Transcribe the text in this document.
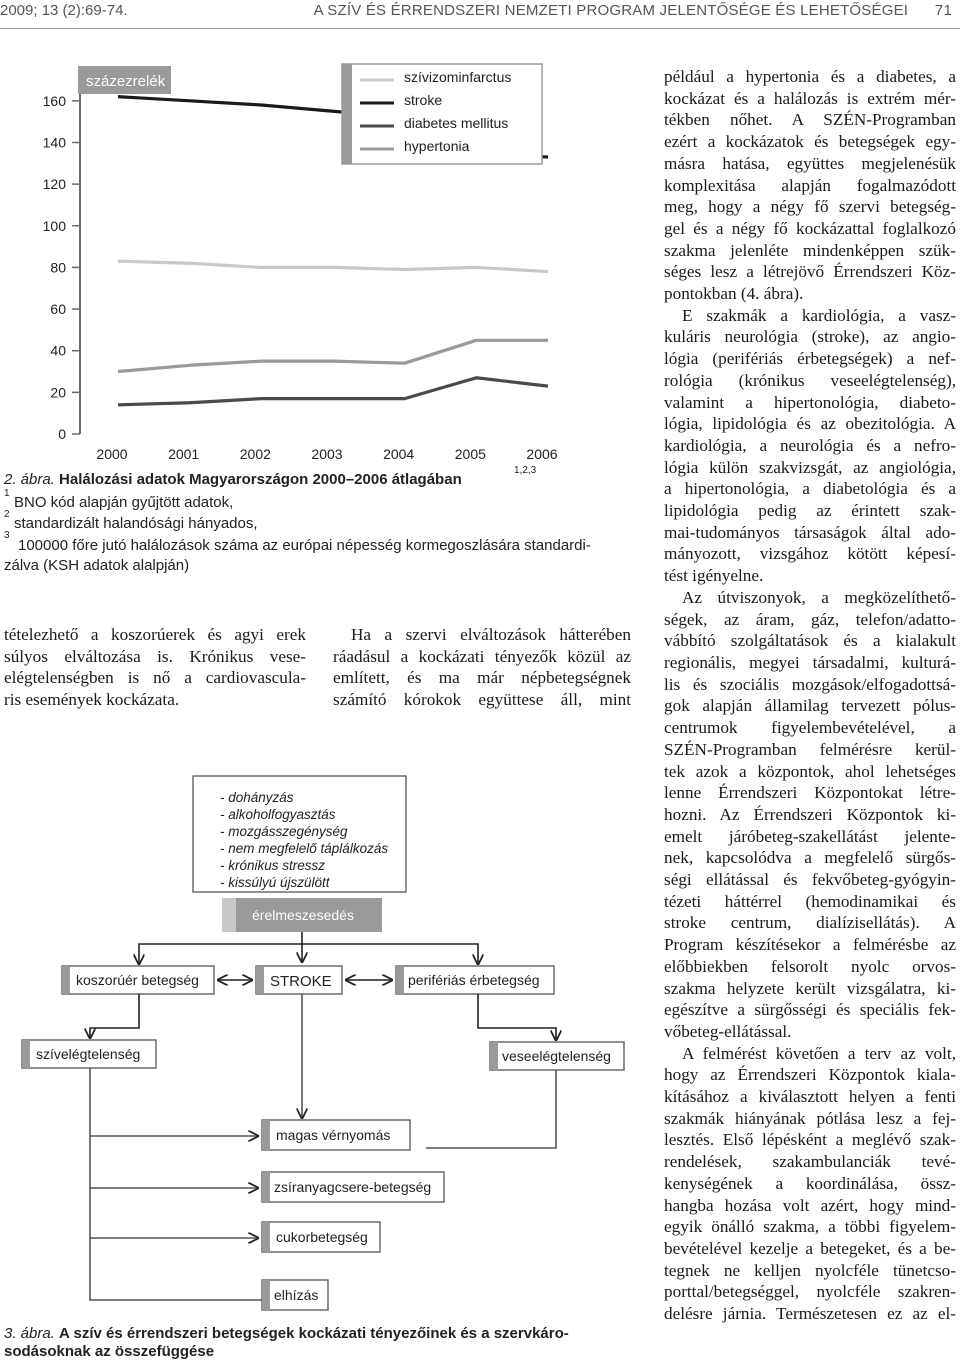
2009; 13 (2):69-74.	A SZÍV ÉS ÉRRENDSZERI NEMZETI PROGRAM JELENTŐSÉGE ÉS LEHETŐSÉGEI 71
0
20
40
60
80
100
120
140
160
2000	2001	2002	2003	2004	2005	2006
százezrelék	szívizominfarctus
stroke
diabetes mellitus
hypertonia
2. ábra. Halálozási adatok Magyarországon 2000–2006 átlagában
1,2,3
1
BNO kód alapján gyűjtött adatok,
2
standardizált halandósági hányados,
3
100000 főre jutó halálozások száma az európai népesség kormegoszlására standardi-
zálva (KSH adatok alalpján)
tételezhető a koszorúerek és agyi erek
súlyos elváltozása is. Krónikus vese-
elégtelenségben is nő a cardiovascula-
ris események kockázata.
Ha a szervi elváltozások hátterében
ráadásul a kockázati tényezők közül az
említett, és ma már népbetegségnek
számító kórokok együttese áll, mint
például a hypertonia és a diabetes, a
kockázat és a halálozás is extrém mér-
tékben nőhet. A SZÉN-Programban
ezért a kockázatok és betegségek egy-
másra hatása, együttes megjelenésük
komplexitása alapján fogalmazódott
meg, hogy a négy fő szervi betegség-
gel és a négy fő kockázattal foglalkozó
szakma jelenléte mindenképpen szük-
séges lesz a létrejövő Érrendszeri Köz-
pontokban (4. ábra).
E szakmák a kardiológia, a vasz-
kuláris neurológia (stroke), az angio-
lógia (perifériás érbetegségek) a nef-
rológia (krónikus veseelégtelenség),
valamint a hipertonológia, diabeto-
lógia, lipidológia és az obezitológia. A
kardiológia, a neurológia és a nefro-
lógia külön szakvizsgát, az angiológia,
a hipertonológia, a diabetológia és a
lipidológia pedig az érintett szak-
mai-tudományos társaságok által ado-
mányozott, vizsgához kötött képesí-
tést igényelne.
Az útviszonyok, a megközelíthető-
ségek, az áram, gáz, telefon/adatto-
vábbító szolgáltatások és a kialakult
regionális, megyei társadalmi, kulturá-
lis és szociális mozgások/elfogadottsá-
gok alapján államilag tervezett pólus-
centrumok figyelembevételével, a
SZÉN-Programban felmérésre kerül-
tek azok a központok, ahol lehetséges
lenne Érrendszeri Központokat létre-
hozni. Az Érrendszeri Központok ki-
emelt járóbeteg-szakellátást jelente-
nek, kapcsolódva a megfelelő sürgős-
ségi ellátással és fekvőbeteg-gyógyin-
tézeti háttérrel (hemodinamikai és
stroke centrum, dialízisellátás). A
Program készítésekor a felmérésbe az
előbbiekben felsorolt nyolc orvos-
szakma helyzete került vizsgálatra, ki-
egészítve a sürgősségi és speciális fek-
vőbeteg-ellátással.
A felmérést követően a terv az volt,
hogy az Érrendszeri Központok kiala-
kításához a kiválasztott helyen a fenti
szakmák hiányának pótlása lesz a fej-
lesztés. Első lépésként a meglévő szak-
rendelések, szakambulanciák tevé-
kenységének a koordinálása, össz-
hangba hozása volt azért, hogy mind-
egyik önálló szakma, a többi figyelem-
bevételével kezelje a betegeket, és a be-
tegnek ne kelljen nyolcféle tünetcso-
porttal/betegséggel, nyolcféle szakren-
delésre járnia. Természetesen ez az el-
- dohányzás
- alkoholfogyasztás
- mozgásszegénység
- nem megfelelő táplálkozás
- krónikus stressz
- kissúlyú újszülött
érelmeszesedés
koszorúér betegség	STROKE	perifériás érbetegség
szívelégtelenség	veseelégtelenség
magas vérnyomás
zsíranyagcsere-betegség
cukorbetegség
elhízás
3. ábra. A szív és érrendszeri betegségek kockázati tényezőinek és a szervkáro-
sodásoknak az összefüggése
